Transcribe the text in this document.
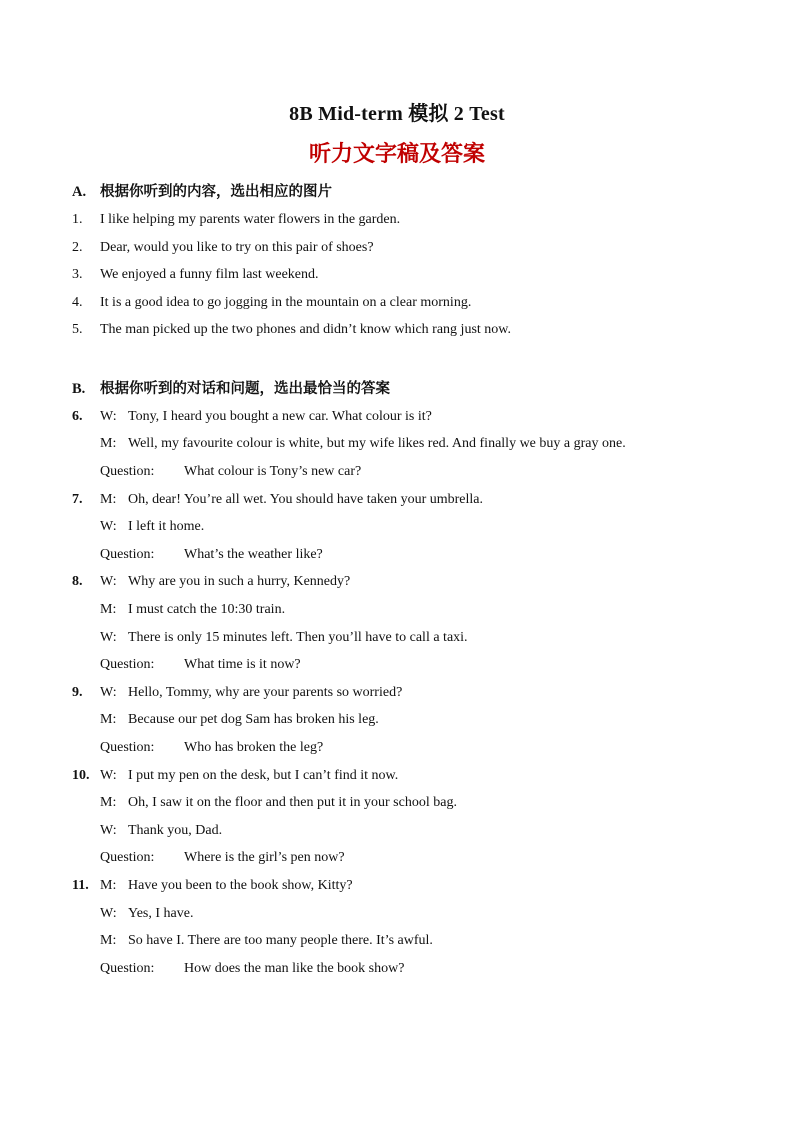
8B Mid-term 模拟 2 Test
听力文字稿及答案
A. 根据你听到的内容，选出相应的图片
1.	I like helping my parents water flowers in the garden.
2.	Dear, would you like to try on this pair of shoes?
3.	We enjoyed a funny film last weekend.
4.	It is a good idea to go jogging in the mountain on a clear morning.
5.	The man picked up the two phones and didn’t know which rang just now.
B. 根据你听到的对话和问题，选出最恰当的答案
6.	W: Tony, I heard you bought a new car. What colour is it?
M: Well, my favourite colour is white, but my wife likes red. And finally we buy a gray one.
Question: What colour is Tony’s new car?
7.	M: Oh, dear! You’re all wet. You should have taken your umbrella.
W: I left it home.
Question: What’s the weather like?
8.	W: Why are you in such a hurry, Kennedy?
M: I must catch the 10:30 train.
W: There is only 15 minutes left. Then you’ll have to call a taxi.
Question: What time is it now?
9.	W: Hello, Tommy, why are your parents so worried?
M: Because our pet dog Sam has broken his leg.
Question: Who has broken the leg?
10. W: I put my pen on the desk, but I can’t find it now.
M: Oh, I saw it on the floor and then put it in your school bag.
W: Thank you, Dad.
Question: Where is the girl’s pen now?
11. M: Have you been to the book show, Kitty?
W: Yes, I have.
M: So have I. There are too many people there. It’s awful.
Question: How does the man like the book show?
